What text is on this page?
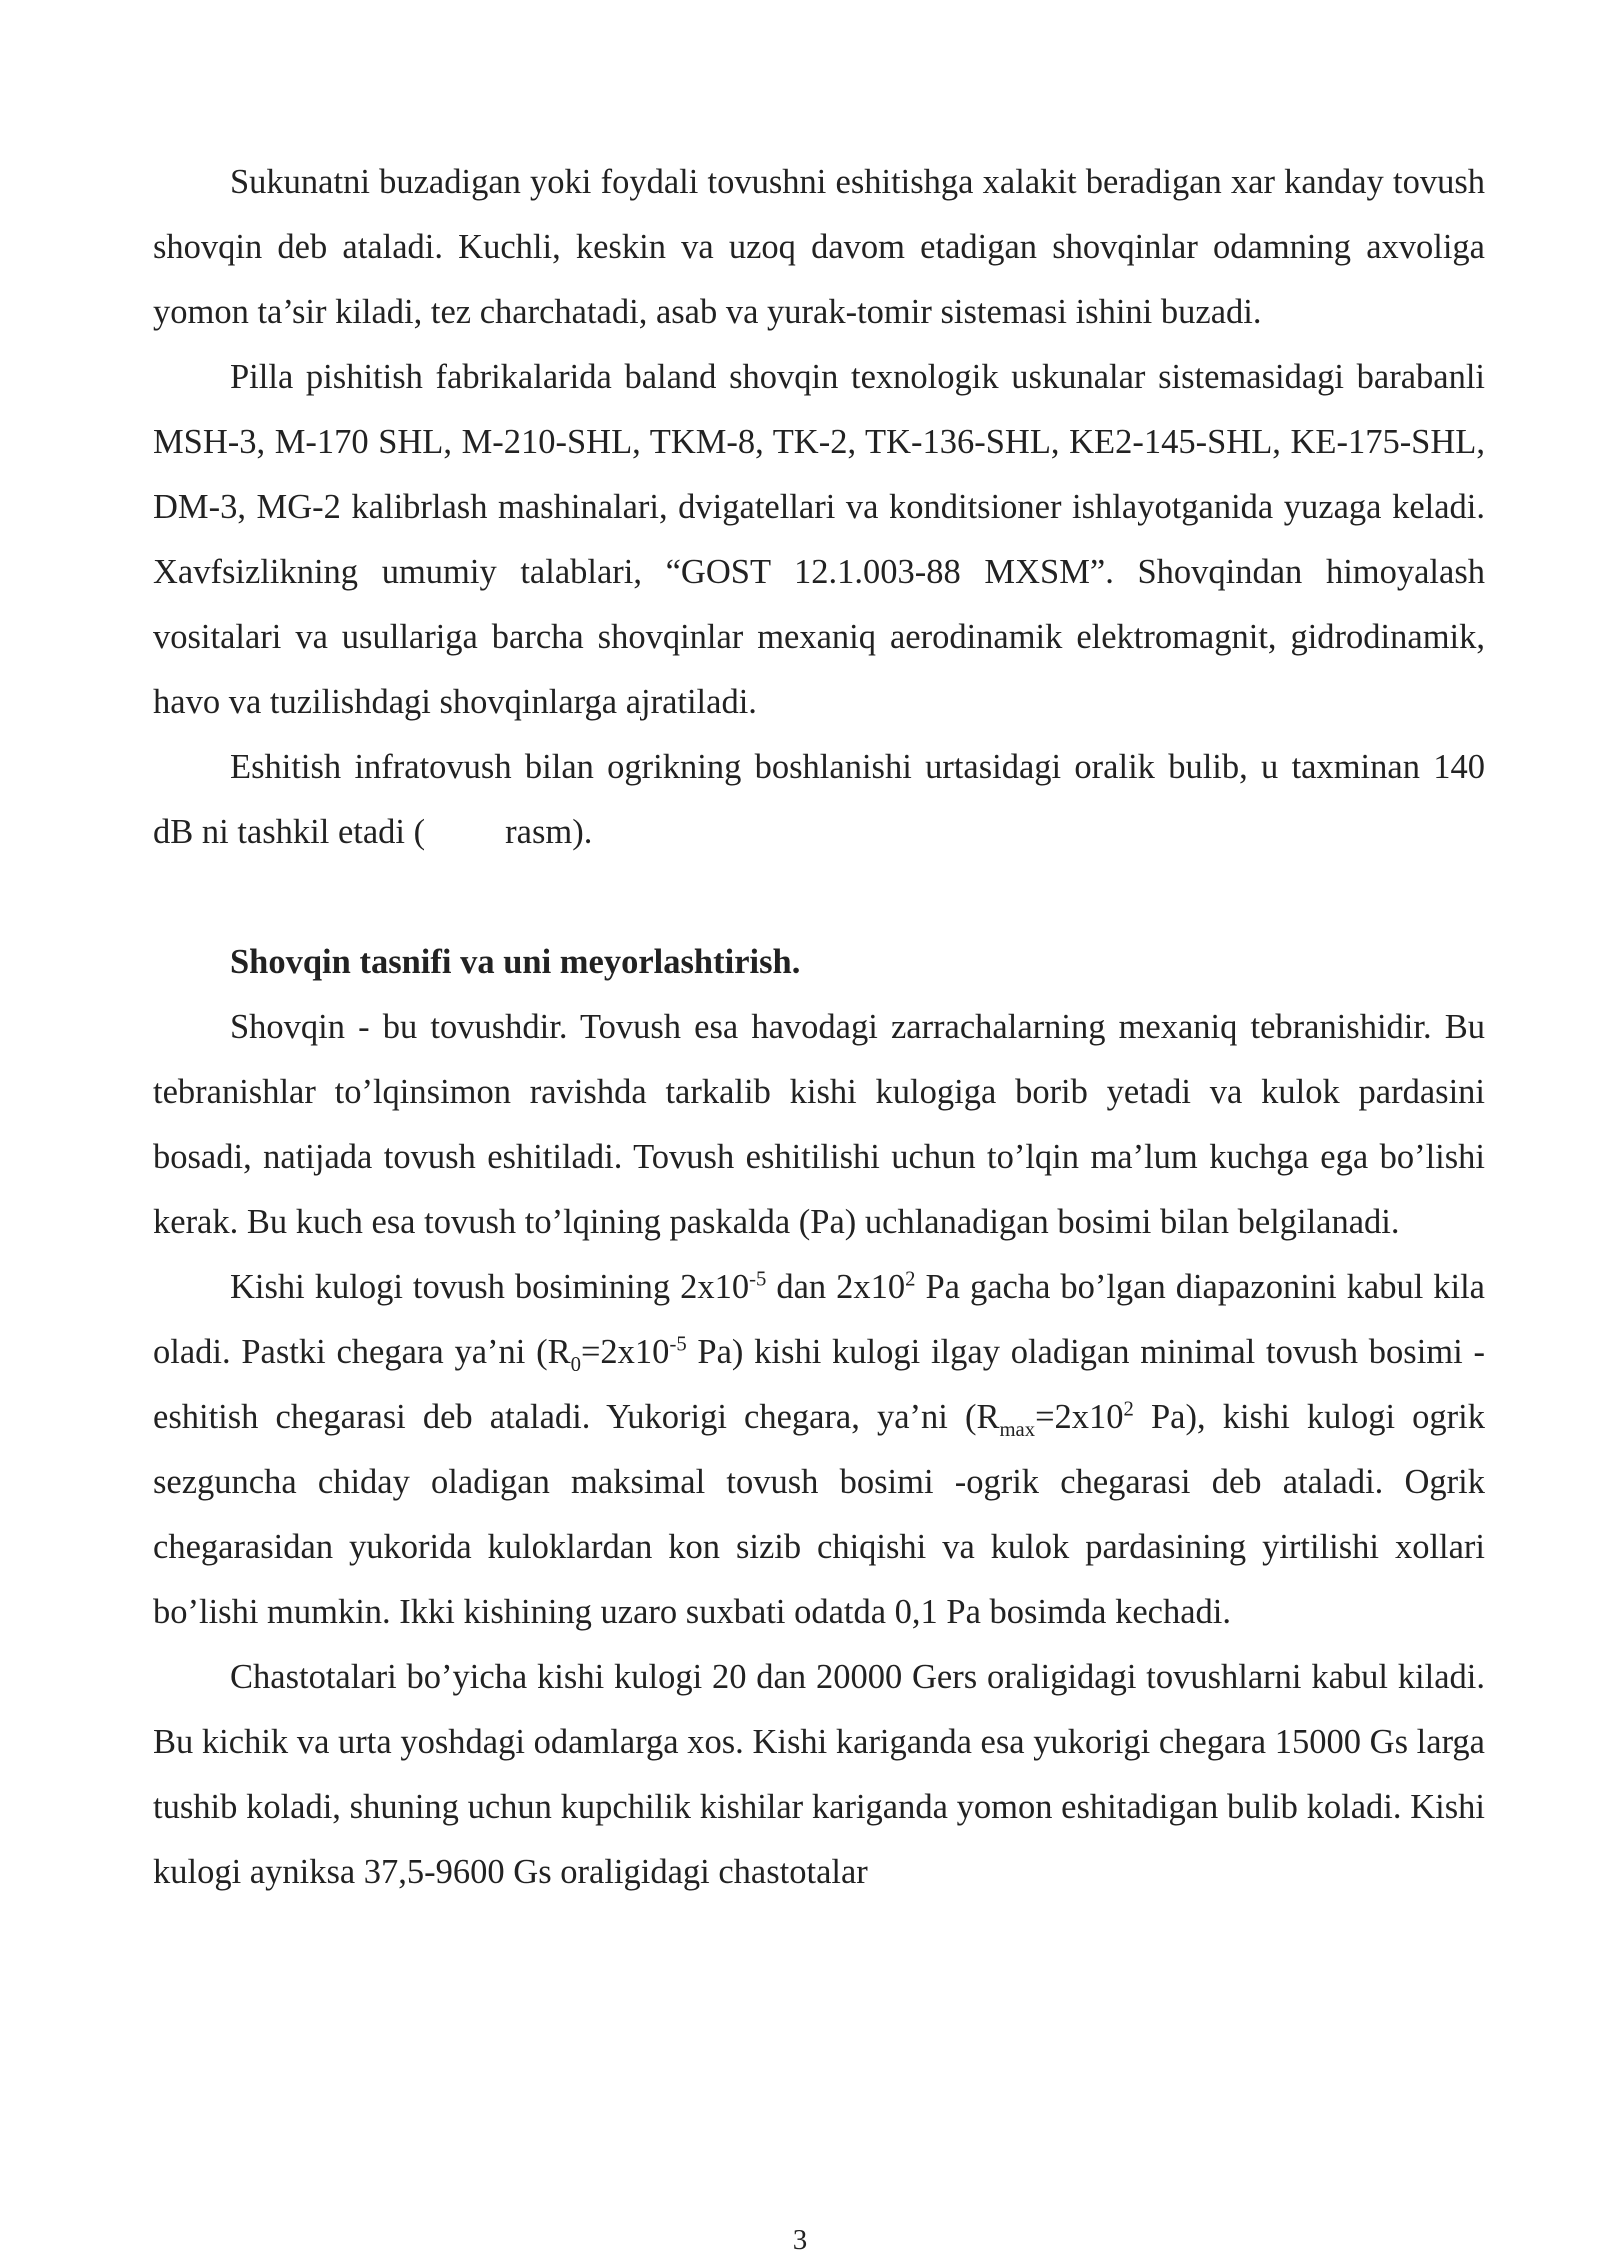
Sukunatni buzadigan yoki foydali tovushni eshitishga xalakit beradigan xar kanday tovush shovqin deb ataladi. Kuchli, keskin va uzoq davom etadigan shovqinlar odamning axvoliga yomon ta’sir kiladi, tez charchatadi, asab va yurak-tomir sistemasi ishini buzadi.

Pilla pishitish fabrikalarida baland shovqin texnologik uskunalar sistemasidagi barabanli MSH-3, M-170 SHL, M-210-SHL, TKM-8, TK-2, TK-136-SHL, KE2-145-SHL, KE-175-SHL, DM-3, MG-2 kalibrlash mashinalari, dvigatellari va konditsioner ishlayotganida yuzaga keladi. Xavfsizlikning umumiy talablari, “GOST 12.1.003-88 MXSM”. Shovqindan himoyalash vositalari va usullariga barcha shovqinlar mexaniq aerodinamik elektromagnit, gidrodinamik, havo va tuzilishdagi shovqinlarga ajratiladi.

Eshitish infratovush bilan ogrikning boshlanishi urtasidagi oralik bulib, u taxminan 140 dB ni tashkil etadi ( rasm).

Shovqin tasnifi va uni meyorlashtirish.

Shovqin - bu tovushdir. Tovush esa havodagi zarrachalarning mexaniq tebranishidir. Bu tebranishlar to’lqinsimon ravishda tarkalib kishi kulogiga borib yetadi va kulok pardasini bosadi, natijada tovush eshitiladi. Tovush eshitilishi uchun to’lqin ma’lum kuchga ega bo’lishi kerak. Bu kuch esa tovush to’lqining paskalda (Pa) uchlanadigan bosimi bilan belgilanadi.

Kishi kulogi tovush bosimining $2x10^{-5}$ dan $2x10^2$ Pa gacha bo’lgan diapazonini kabul kila oladi. Pastki chegara ya’ni ($R_0=2x10^{-5}$ Pa) kishi kulogi ilgay oladigan minimal tovush bosimi - eshitish chegarasi deb ataladi. Yukorigi chegara, ya’ni ($R_{max}=2x10^2$ Pa), kishi kulogi ogrik sezguncha chiday oladigan maksimal tovush bosimi -ogrik chegarasi deb ataladi. Ogrik chegarasidan yukorida kuloklardan kon sizib chiqishi va kulok pardasining yirtilishi xollari bo’lishi mumkin. Ikki kishining uzaro suxbati odatda 0,1 Pa bosimda kechadi.

Chastotalari bo’yicha kishi kulogi 20 dan 20000 Gers oraligidagi tovushlarni kabul kiladi. Bu kichik va urta yoshdagi odamlarga xos. Kishi kariganda esa yukorigi chegara 15000 Gs larga tushib koladi, shuning uchun kupchilik kishilar kariganda yomon eshitadigan bulib koladi. Kishi kulogi ayniksa 37,5-9600 Gs oraligidagi chastotalar

3
